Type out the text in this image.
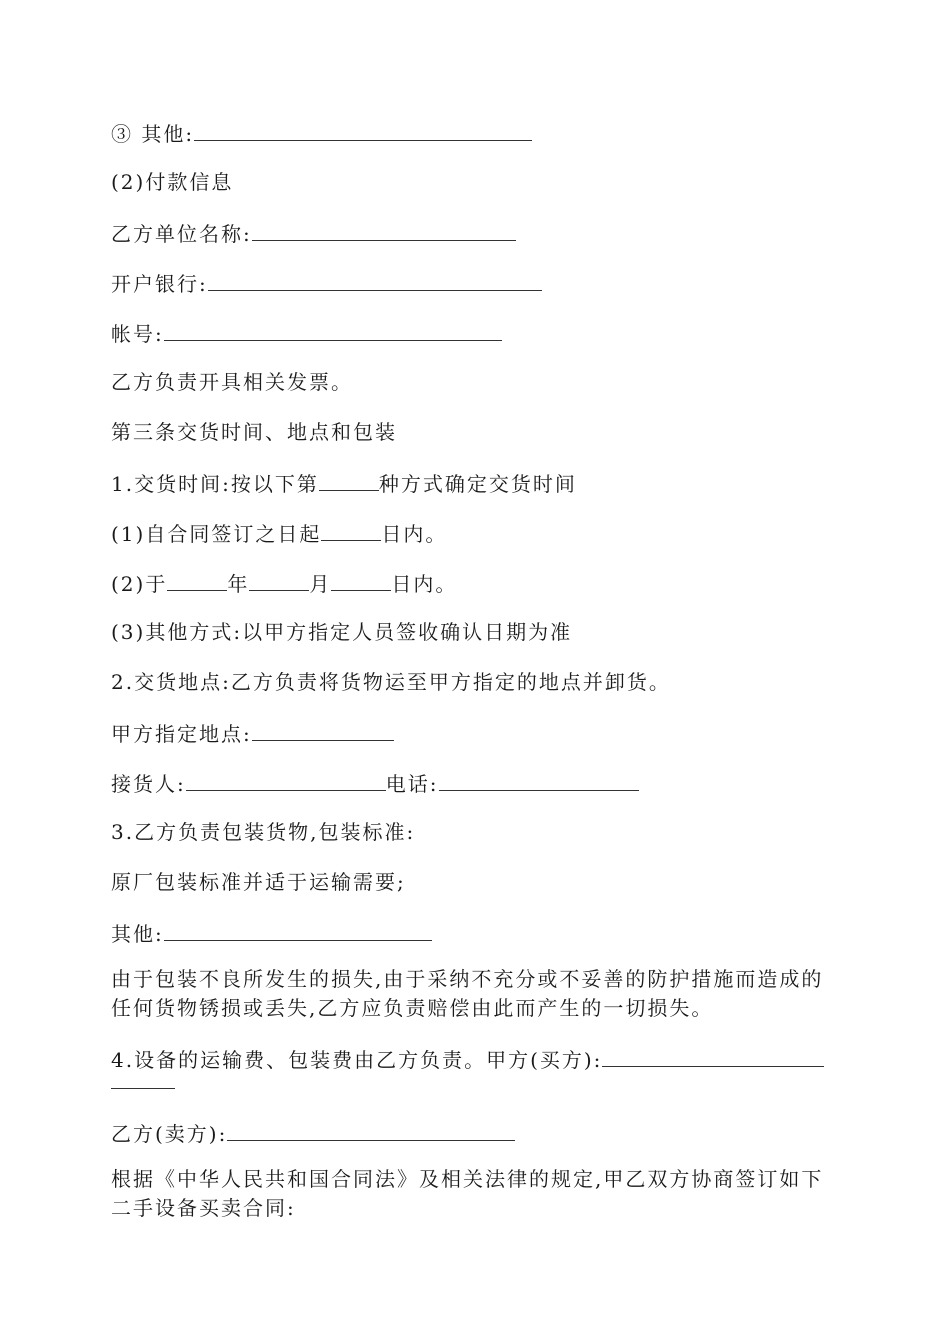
③ 其他:
(2)付款信息
乙方单位名称:
开户银行:
帐号:
乙方负责开具相关发票。
第三条交货时间、地点和包装
1.交货时间:按以下第	种方式确定交货时间
(1)自合同签订之日起	日内。
(2)于	年	月	日内。
(3)其他方式:以甲方指定人员签收确认日期为准
2.交货地点:乙方负责将货物运至甲方指定的地点并卸货。
甲方指定地点:
接货人:	电话:
3.乙方负责包装货物,包装标准:
原厂包装标准并适于运输需要;
其他:
由于包装不良所发生的损失,由于采纳不充分或不妥善的防护措施而造成的任何货物锈损或丢失,乙方应负责赔偿由此而产生的一切损失。
4.设备的运输费、包装费由乙方负责。甲方(买方):
乙方(卖方):
根据《中华人民共和国合同法》及相关法律的规定,甲乙双方协商签订如下二手设备买卖合同:
